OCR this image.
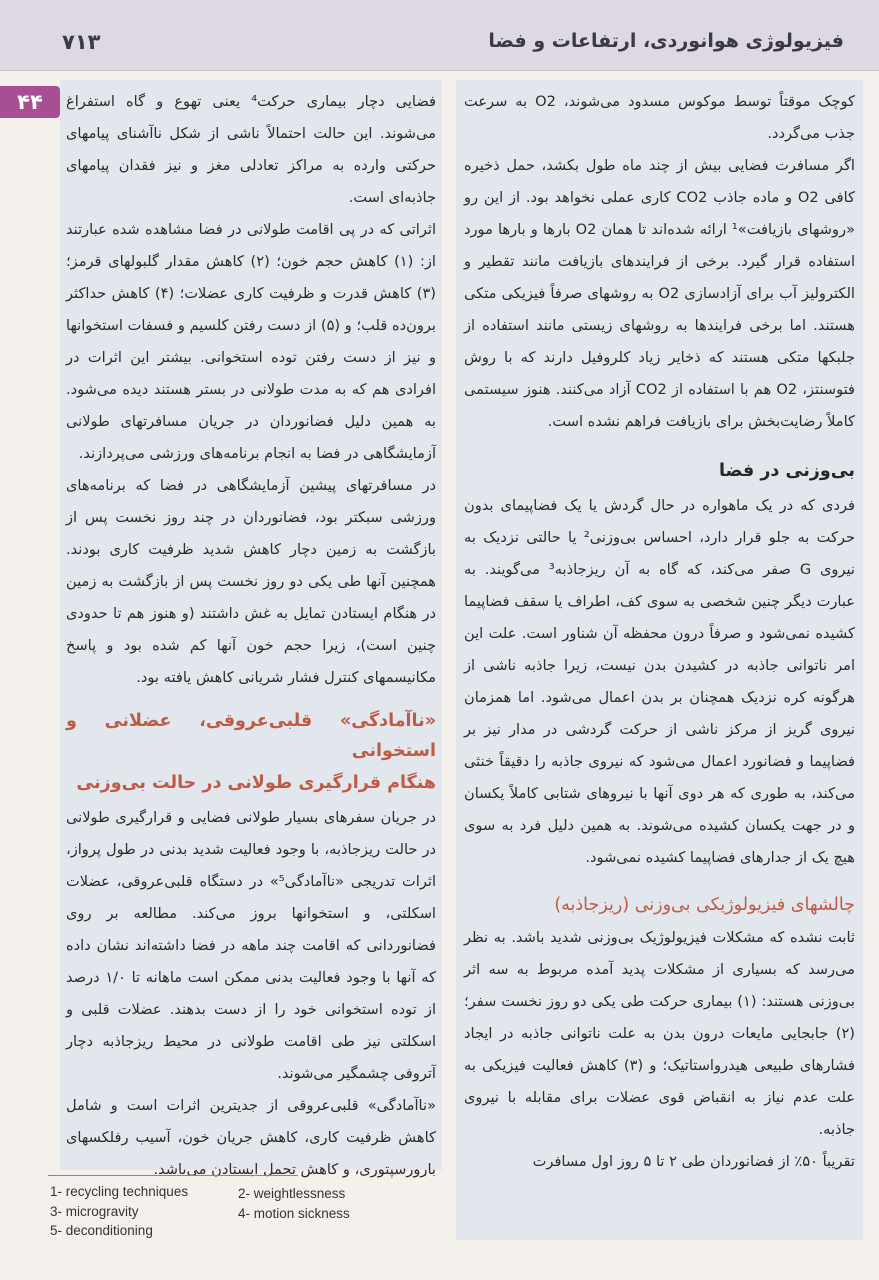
فیزیولوژی هوانوردی، ارتفاعات و فضا
۷۱۳
۴۴	کوچک موقتاً توسط موکوس مسدود می‌شوند، O2 به سرعت جذب می‌گردد.

اگر مسافرت فضایی بیش از چند ماه طول بکشد، حمل ذخیره کافی O2 و ماده جاذب CO2 کاری عملی نخواهد بود. از این رو «روشهای بازیافت»¹ ارائه شده‌اند تا همان O2 بارها و بارها مورد استفاده قرار گیرد. برخی از فرایندهای بازیافت مانند تقطیر و الکترولیز آب برای آزادسازی O2 به روشهای صرفاً فیزیکی متکی هستند. اما برخی فرایندها به روشهای زیستی مانند استفاده از جلبکها متکی هستند که ذخایر زیاد کلروفیل دارند که با روش فتوسنتز، O2 هم با استفاده از CO2 آزاد می‌کنند. هنوز سیستمی کاملاً رضایت‌بخش برای بازیافت فراهم نشده است.

بی‌وزنی در فضا

فردی که در یک ماهواره در حال گردش یا یک فضاپیمای بدون حرکت به جلو قرار دارد، احساس بی‌وزنی² یا حالتی نزدیک به نیروی G صفر می‌کند، که گاه به آن ریزجاذبه³ می‌گویند. به عبارت دیگر چنین شخصی به سوی کف، اطراف یا سقف فضاپیما کشیده نمی‌شود و صرفاً درون محفظه آن شناور است. علت این امر ناتوانی جاذبه در کشیدن بدن نیست، زیرا جاذبه ناشی از هرگونه کره نزدیک همچنان بر بدن اعمال می‌شود. اما همزمان نیروی گریز از مرکز ناشی از حرکت گردشی در مدار نیز بر فضاپیما و فضانورد اعمال می‌شود که نیروی جاذبه را دقیقاً خنثی می‌کند، به طوری که هر دوی آنها با نیروهای شتابی کاملاً یکسان و در جهت یکسان کشیده می‌شوند. به همین دلیل فرد به سوی هیچ یک از جدارهای فضاپیما کشیده نمی‌شود.

چالشهای فیزیولوژیکی بی‌وزنی (ریزجاذبه)

ثابت نشده که مشکلات فیزیولوژیک بی‌وزنی شدید باشد. به نظر می‌رسد که بسیاری از مشکلات پدید آمده مربوط به سه اثر بی‌وزنی هستند: (۱) بیماری حرکت طی یکی دو روز نخست سفر؛ (۲) جابجایی مایعات درون بدن به علت ناتوانی جاذبه در ایجاد فشارهای طبیعی هیدرواستاتیک؛ و (۳) کاهش فعالیت فیزیکی به علت عدم نیاز به انقباض قوی عضلات برای مقابله با نیروی جاذبه.

تقریباً ۵۰٪ از فضانوردان طی ۲ تا ۵ روز اول مسافرت

فضایی دچار بیماری حرکت⁴ یعنی تهوع و گاه استفراغ می‌شوند. این حالت احتمالاً ناشی از شکل ناآشنای پیامهای حرکتی وارده به مراکز تعادلی مغز و نیز فقدان پیامهای جاذبه‌ای است.

اثراتی که در پی اقامت طولانی در فضا مشاهده شده عبارتند از: (۱) کاهش حجم خون؛ (۲) کاهش مقدار گلبولهای قرمز؛ (۳) کاهش قدرت و ظرفیت کاری عضلات؛ (۴) کاهش حداکثر برون‌ده قلب؛ و (۵) از دست رفتن کلسیم و فسفات استخوانها و نیز از دست رفتن توده استخوانی. بیشتر این اثرات در افرادی هم که به مدت طولانی در بستر هستند دیده می‌شود. به همین دلیل فضانوردان در جریان مسافرتهای طولانی آزمایشگاهی در فضا به انجام برنامه‌های ورزشی می‌پردازند.

در مسافرتهای پیشین آزمایشگاهی در فضا که برنامه‌های ورزشی سبکتر بود، فضانوردان در چند روز نخست پس از بازگشت به زمین دچار کاهش شدید ظرفیت کاری بودند. همچنین آنها طی یکی دو روز نخست پس از بازگشت به زمین در هنگام ایستادن تمایل به غش داشتند (و هنوز هم تا حدودی چنین است)، زیرا حجم خون آنها کم شده بود و پاسخ مکانیسمهای کنترل فشار شریانی کاهش یافته بود.

«ناآمادگی» قلبی‌عروقی، عضلانی و استخوانی
هنگام قرارگیری طولانی در حالت بی‌وزنی

در جریان سفرهای بسیار طولانی فضایی و قرارگیری طولانی در حالت ریزجاذبه، با وجود فعالیت شدید بدنی در طول پرواز، اثرات تدریجی «ناآمادگی⁵» در دستگاه قلبی‌عروقی، عضلات اسکلتی، و استخوانها بروز می‌کند. مطالعه بر روی فضانوردانی که اقامت چند ماهه در فضا داشته‌اند نشان داده که آنها با وجود فعالیت بدنی ممکن است ماهانه تا ۱/۰ درصد از توده استخوانی خود را از دست بدهند. عضلات قلبی و اسکلتی نیز طی اقامت طولانی در محیط ریزجاذبه دچار آتروفی چشمگیر می‌شوند.

«ناآمادگی» قلبی‌عروقی از جدیترین اثرات است و شامل کاهش ظرفیت کاری، کاهش جریان خون، آسیب رفلکسهای بارورسپتوری، و کاهش تحمل ایستادن می‌باشد.

1- recycling techniques	2- weightlessness
3- microgravity	4- motion sickness
5- deconditioning
